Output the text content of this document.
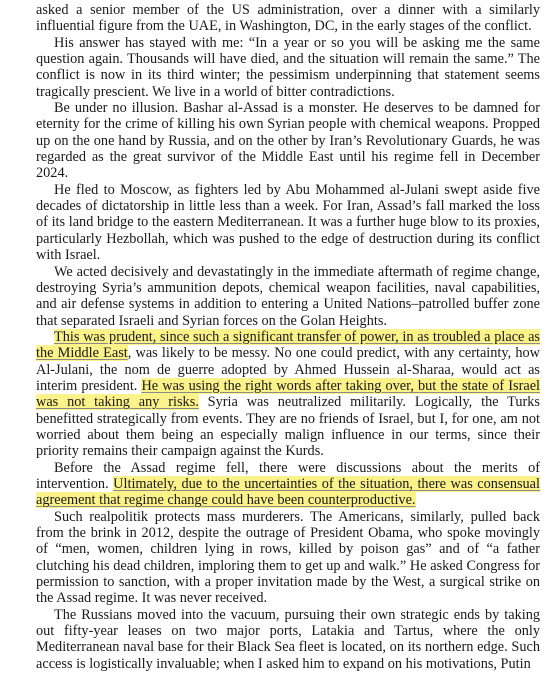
asked a senior member of the US administration, over a dinner with a similarly influential figure from the UAE, in Washington, DC, in the early stages of the conflict.

His answer has stayed with me: “In a year or so you will be asking me the same question again. Thousands will have died, and the situation will remain the same.” The conflict is now in its third winter; the pessimism underpinning that statement seems tragically prescient. We live in a world of bitter contradictions.

Be under no illusion. Bashar al-Assad is a monster. He deserves to be damned for eternity for the crime of killing his own Syrian people with chemical weapons. Propped up on the one hand by Russia, and on the other by Iran’s Revolutionary Guards, he was regarded as the great survivor of the Middle East until his regime fell in December 2024.

He fled to Moscow, as fighters led by Abu Mohammed al-Julani swept aside five decades of dictatorship in little less than a week. For Iran, Assad’s fall marked the loss of its land bridge to the eastern Mediterranean. It was a further huge blow to its proxies, particularly Hezbollah, which was pushed to the edge of destruction during its conflict with Israel.

We acted decisively and devastatingly in the immediate aftermath of regime change, destroying Syria’s ammunition depots, chemical weapon facilities, naval capabilities, and air defense systems in addition to entering a United Nations–patrolled buffer zone that separated Israeli and Syrian forces on the Golan Heights.

This was prudent, since such a significant transfer of power, in as troubled a place as the Middle East, was likely to be messy. No one could predict, with any certainty, how Al-Julani, the nom de guerre adopted by Ahmed Hussein al-Sharaa, would act as interim president. He was using the right words after taking over, but the state of Israel was not taking any risks. Syria was neutralized militarily. Logically, the Turks benefitted strategically from events. They are no friends of Israel, but I, for one, am not worried about them being an especially malign influence in our terms, since their priority remains their campaign against the Kurds.

Before the Assad regime fell, there were discussions about the merits of intervention. Ultimately, due to the uncertainties of the situation, there was consensual agreement that regime change could have been counterproductive.

Such realpolitik protects mass murderers. The Americans, similarly, pulled back from the brink in 2012, despite the outrage of President Obama, who spoke movingly of “men, women, children lying in rows, killed by poison gas” and of “a father clutching his dead children, imploring them to get up and walk.” He asked Congress for permission to sanction, with a proper invitation made by the West, a surgical strike on the Assad regime. It was never received.

The Russians moved into the vacuum, pursuing their own strategic ends by taking out fifty-year leases on two major ports, Latakia and Tartus, where the only Mediterranean naval base for their Black Sea fleet is located, on its northern edge. Such access is logistically invaluable; when I asked him to expand on his motivations, Putin
